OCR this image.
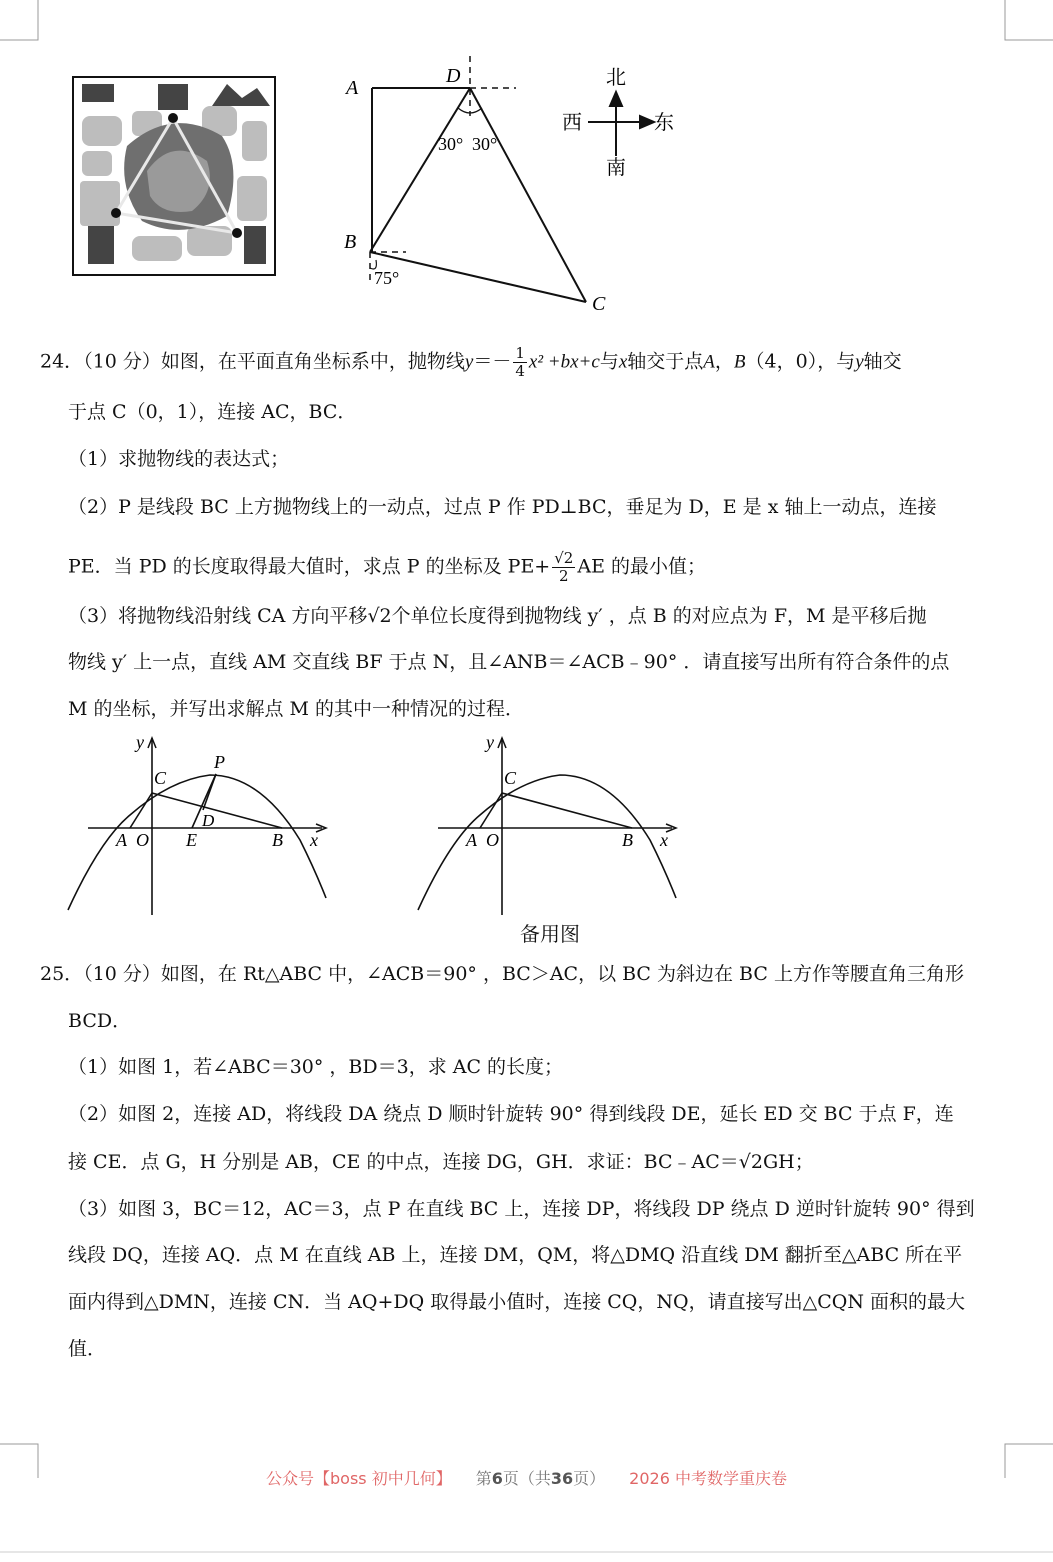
A
D
B
C
30° 30°
75°
北
西	东
南
24．（10 分）如图，在平面直角坐标系中，抛物线$y=- \frac{1}{4} x^2 +bx+c$与x轴交于点A，B（4，0），与y轴交
于点 C（0，1），连接 AC，BC．
（1）求抛物线的表达式；
（2）P 是线段 BC 上方抛物线上的一动点，过点 P 作 PD⊥BC，垂足为 D，E 是 x 轴上一动点，连接
PE．当 PD 的长度取得最大值时，求点 P 的坐标及 $PE+ \frac{√2}{2}$ AE 的最小值；
（3）将抛物线沿射线 CA 方向平移√2个单位长度得到抛物线 y′ ，点 B 的对应点为 F，M 是平移后抛
物线 y′ 上一点，直线 AM 交直线 BF 于点 N，且∠ANB＝∠ACB﹣90° ．请直接写出所有符合条件的点
M 的坐标，并写出求解点 M 的其中一种情况的过程．
y
C
P
D
A O E	B x
y
C
A O	B x
备用图
25．（10 分）如图，在 Rt△ABC 中，∠ACB＝90° ，BC＞AC，以 BC 为斜边在 BC 上方作等腰直角三角形
BCD．
（1）如图 1，若∠ABC＝30° ，BD＝3，求 AC 的长度；
（2）如图 2，连接 AD，将线段 DA 绕点 D 顺时针旋转 90° 得到线段 DE，延长 ED 交 BC 于点 F，连
接 CE．点 G，H 分别是 AB，CE 的中点，连接 DG，GH．求证：BC﹣AC＝√2GH；
（3）如图 3，BC＝12，AC＝3，点 P 在直线 BC 上，连接 DP，将线段 DP 绕点 D 逆时针旋转 90° 得到
线段 DQ，连接 AQ．点 M 在直线 AB 上，连接 DM，QM，将△DMQ 沿直线 DM 翻折至△ABC 所在平
面内得到△DMN，连接 CN．当 AQ+DQ 取得最小值时，连接 CQ，NQ，请直接写出△CQN 面积的最大
值．
公众号【boss 初中几何】 第6页（共36页） 2026 中考数学重庆卷
